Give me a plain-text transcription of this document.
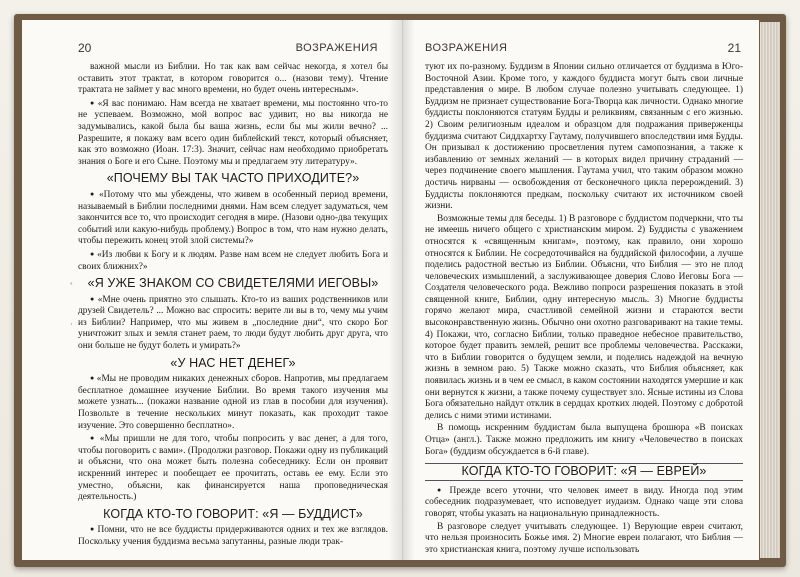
20	ВОЗРАЖЕНИЯ
˚
·

важной мысли из Библии. Но так как вам сейчас некогда, я хотел бы оставить этот трактат, в котором говорится о... (назови тему). Чтение трактата не займет у вас много времени, но будет очень интересным».

● «Я вас понимаю. Нам всегда не хватает времени, мы постоянно что-то не успеваем. Возможно, мой вопрос вас удивит, но вы никогда не задумывались, какой была бы ваша жизнь, если бы мы жили вечно? ... Разрешите, я покажу вам всего один библейский текст, который объясняет, как это возможно (Иоан. 17:3). Значит, сейчас нам необходимо приобретать знания о Боге и его Сыне. Поэтому мы и предлагаем эту литературу».

«ПОЧЕМУ ВЫ ТАК ЧАСТО ПРИХОДИТЕ?»

● «Потому что мы убеждены, что живем в особенный период времени, называемый в Библии последними днями. Нам всем следует задуматься, чем закончится все то, что происходит сегодня в мире. (Назови одно-два текущих событий или какую-нибудь проблему.) Вопрос в том, что нам нужно делать, чтобы пережить конец этой злой системы?»

● «Из любви к Богу и к людям. Разве нам всем не следует любить Бога и своих ближних?»

«Я УЖЕ ЗНАКОМ СО СВИДЕТЕЛЯМИ ИЕГОВЫ»

● «Мне очень приятно это слышать. Кто-то из ваших родственников или друзей Свидетель? ... Можно вас спросить: верите ли вы в то, чему мы учим из Библии? Например, что мы живем в „последние дни“, что скоро Бог уничтожит злых и земля станет раем, то люди будут любить друг друга, что они больше не будут болеть и умирать?»

«У НАС НЕТ ДЕНЕГ»

● «Мы не проводим никаких денежных сборов. Напротив, мы предлагаем бесплатное домашнее изучение Библии. Во время такого изучения мы можете узнать... (покажи название одной из глав в пособии для изучения). Позвольте в течение нескольких минут показать, как проходит такое изучение. Это совершенно бесплатно».

● «Мы пришли не для того, чтобы попросить у вас денег, а для того, чтобы поговорить с вами». (Продолжи разговор. Покажи одну из публикаций и объясни, что она может быть полезна собеседнику. Если он проявит искренний интерес и пообещает ее прочитать, оставь ее ему. Если это уместно, объясни, как финансируется наша проповедническая деятельность.)

КОГДА КТО-ТО ГОВОРИТ: «Я — БУДДИСТ»

● Помни, что не все буддисты придерживаются одних и тех же взглядов. Поскольку учения буддизма весьма запутанны, разные люди трак-

ВОЗРАЖЕНИЯ	21

туют их по-разному. Буддизм в Японии сильно отличается от буддизма в Юго-Восточной Азии. Кроме того, у каждого буддиста могут быть свои личные представления о мире. В любом случае полезно учитывать следующее. 1) Буддизм не признает существование Бога-Творца как личности. Однако многие буддисты поклоняются статуям Будды и реликвиям, связанным с его жизнью. 2) Своим религиозным идеалом и образцом для подражания приверженцы буддизма считают Сиддхартху Гаутаму, получившего впоследствии имя Будды. Он призывал к достижению просветления путем самопознания, а также к избавлению от земных желаний — в которых видел причину страданий — через подчинение своего мышления. Гаутама учил, что таким образом можно достичь нирваны — освобождения от бесконечного цикла перерождений. 3) Буддисты поклоняются предкам, поскольку считают их источником своей жизни.

Возможные темы для беседы. 1) В разговоре с буддистом подчеркни, что ты не имеешь ничего общего с христианским миром. 2) Буддисты с уважением относятся к «священным книгам», поэтому, как правило, они хорошо относятся к Библии. Не сосредоточивайся на буддийской философии, а лучше поделись радостной вестью из Библии. Объясни, что Библия — это не плод человеческих измышлений, а заслуживающее доверия Слово Иеговы Бога — Создателя человеческого рода. Вежливо попроси разрешения показать в этой священной книге, Библии, одну интересную мысль. 3) Многие буддисты горячо желают мира, счастливой семейной жизни и стараются вести высоконравственную жизнь. Обычно они охотно разговаривают на такие темы. 4) Покажи, что, согласно Библии, только праведное небесное правительство, которое будет править землей, решит все проблемы человечества. Расскажи, что в Библии говорится о будущем земли, и поделись надеждой на вечную жизнь в земном раю. 5) Также можно сказать, что Библия объясняет, как появилась жизнь и в чем ее смысл, в каком состоянии находятся умершие и как они вернутся к жизни, а также почему существует зло. Ясные истины из Слова Бога обязательно найдут отклик в сердцах кротких людей. Поэтому с добротой делись с ними этими истинами.

В помощь искренним буддистам была выпущена брошюра «В поисках Отца» (англ.). Также можно предложить им книгу «Человечество в поисках Бога» (буддизм обсуждается в 6-й главе).

КОГДА КТО-ТО ГОВОРИТ: «Я — ЕВРЕЙ»

● Прежде всего уточни, что человек имеет в виду. Иногда под этим собеседник подразумевает, что исповедует иудаизм. Однако чаще эти слова говорят, чтобы указать на национальную принадлежность.

В разговоре следует учитывать следующее. 1) Верующие евреи считают, что нельзя произносить Божье имя. 2) Многие евреи полагают, что Библия — это христианская книга, поэтому лучше использовать
